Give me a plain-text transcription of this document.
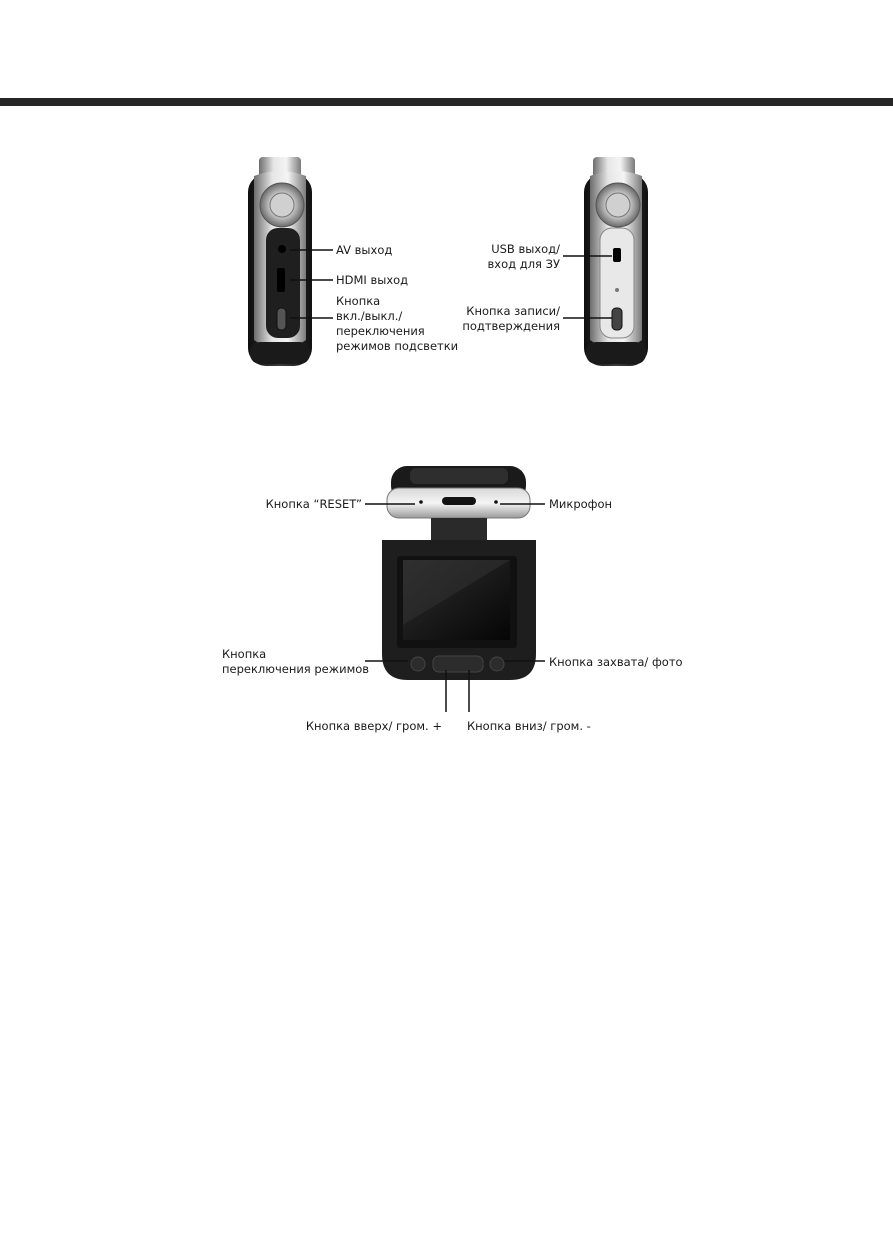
AV выход
HDMI выход
Кнопка
вкл./выкл./
переключения
режимов подсветки
USB выход/
вход для ЗУ
Кнопка записи/
подтверждения
Кнопка “RESET”	Микрофон
Кнопка
переключения режимов	Кнопка захвата/ фото
Кнопка вверх/ гром. + Кнопка вниз/ гром. -
